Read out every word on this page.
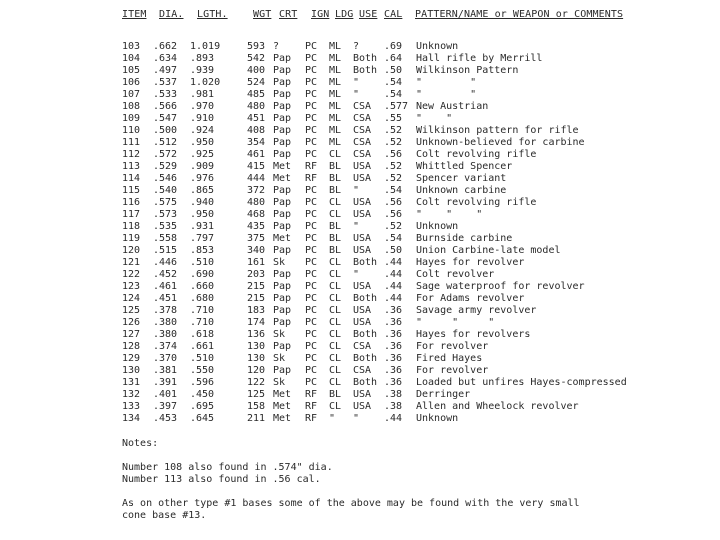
ITEM DIA. LGTH.	WGT CRT IGN LDG USE CAL PATTERN/NAME or WEAPON or COMMENTS
103 .662 1.019	593 ?	PC ML ? .69 Unknown
104 .634 .893	542 Pap PC ML Both .64 Hall rifle by Merrill
105 .497 .939	400 Pap PC ML Both .50 Wilkinson Pattern
106 .537 1.020	524 Pap PC ML " .54 "        "
107 .533 .981	485 Pap PC ML " .54 "        "
108 .566 .970	480 Pap PC ML CSA .577 New Austrian
109 .547 .910	451 Pap PC ML CSA .55 "    "
110 .500 .924	408 Pap PC ML CSA .52 Wilkinson pattern for rifle
111 .512 .950	354 Pap PC ML CSA .52 Unknown-believed for carbine
112 .572 .925	461 Pap PC CL CSA .56 Colt revolving rifle
113 .529 .909	415 Met RF BL USA .52 Whittled Spencer
114 .546 .976	444 Met RF BL USA .52 Spencer variant
115 .540 .865	372 Pap PC BL " .54 Unknown carbine
116 .575 .940	480 Pap PC CL USA .56 Colt revolving rifle
117 .573 .950	468 Pap PC CL USA .56 "    "    "
118 .535 .931	435 Pap PC BL " .52 Unknown
119 .558 .797	375 Met PC BL USA .54 Burnside carbine
120 .515 .853	340 Pap PC BL USA .50 Union Carbine-late model
121 .446 .510	161 Sk PC CL Both .44 Hayes for revolver
122 .452 .690	203 Pap PC CL " .44 Colt revolver
123 .461 .660	215 Pap PC CL USA .44 Sage waterproof for revolver
124 .451 .680	215 Pap PC CL Both .44 For Adams revolver
125 .378 .710	183 Pap PC CL USA .36 Savage army revolver
126 .380 .710	174 Pap PC CL USA .36 "     "     "
127 .380 .618	136 Sk PC CL Both .36 Hayes for revolvers
128 .374 .661	130 Pap PC CL CSA .36 For revolver
129 .370 .510	130 Sk PC CL Both .36 Fired Hayes
130 .381 .550	120 Pap PC CL CSA .36 For revolver
131 .391 .596	122 Sk PC CL Both .36 Loaded but unfires Hayes-compressed
132 .401 .450	125 Met RF BL USA .38 Derringer
133 .397 .695	158 Met RF CL USA .38 Allen and Wheelock revolver
134 .453 .645	211 Met RF " " .44 Unknown
Notes:
Number 108 also found in .574" dia.
Number 113 also found in .56 cal.
As on other type #1 bases some of the above may be found with the very small
cone base #13.
